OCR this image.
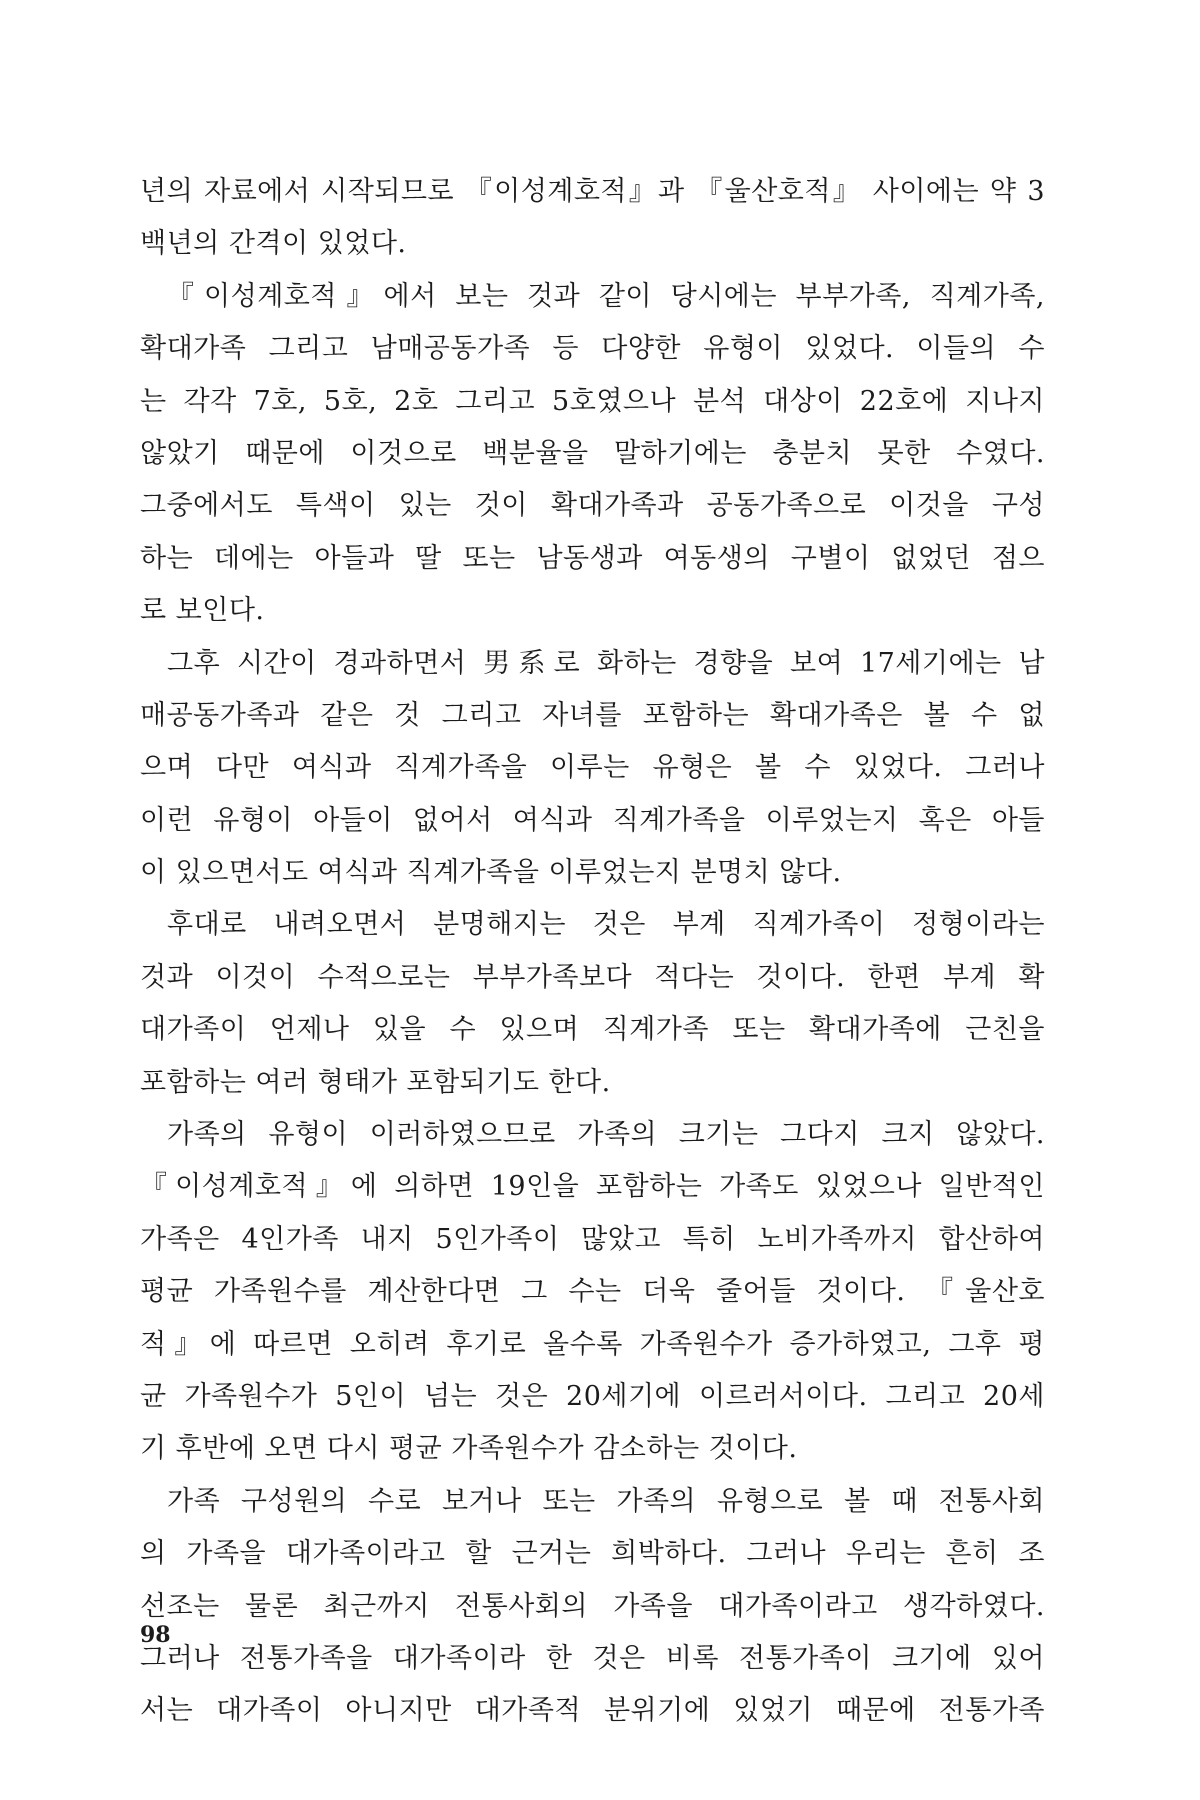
년의 자료에서 시작되므로 『이성계호적』과 『울산호적』 사이에는 약 3
백년의 간격이 있었다.
『이성계호적』에서 보는 것과 같이 당시에는 부부가족, 직계가족,
확대가족 그리고 남매공동가족 등 다양한 유형이 있었다. 이들의 수
는 각각 7호, 5호, 2호 그리고 5호였으나 분석 대상이 22호에 지나지
않았기 때문에 이것으로 백분율을 말하기에는 충분치 못한 수였다.
그중에서도 특색이 있는 것이 확대가족과 공동가족으로 이것을 구성
하는 데에는 아들과 딸 또는 남동생과 여동생의 구별이 없었던 점으
로 보인다.
그후 시간이 경과하면서 男系로 화하는 경향을 보여 17세기에는 남
매공동가족과 같은 것 그리고 자녀를 포함하는 확대가족은 볼 수 없
으며 다만 여식과 직계가족을 이루는 유형은 볼 수 있었다. 그러나
이런 유형이 아들이 없어서 여식과 직계가족을 이루었는지 혹은 아들
이 있으면서도 여식과 직계가족을 이루었는지 분명치 않다.
후대로 내려오면서 분명해지는 것은 부계 직계가족이 정형이라는
것과 이것이 수적으로는 부부가족보다 적다는 것이다. 한편 부계 확
대가족이 언제나 있을 수 있으며 직계가족 또는 확대가족에 근친을
포함하는 여러 형태가 포함되기도 한다.
가족의 유형이 이러하였으므로 가족의 크기는 그다지 크지 않았다.
『이성계호적』에 의하면 19인을 포함하는 가족도 있었으나 일반적인
가족은 4인가족 내지 5인가족이 많았고 특히 노비가족까지 합산하여
평균 가족원수를 계산한다면 그 수는 더욱 줄어들 것이다. 『울산호
적』에 따르면 오히려 후기로 올수록 가족원수가 증가하였고, 그후 평
균 가족원수가 5인이 넘는 것은 20세기에 이르러서이다. 그리고 20세
기 후반에 오면 다시 평균 가족원수가 감소하는 것이다.
가족 구성원의 수로 보거나 또는 가족의 유형으로 볼 때 전통사회
의 가족을 대가족이라고 할 근거는 희박하다. 그러나 우리는 흔히 조
선조는 물론 최근까지 전통사회의 가족을 대가족이라고 생각하였다.
그러나 전통가족을 대가족이라 한 것은 비록 전통가족이 크기에 있어
서는 대가족이 아니지만 대가족적 분위기에 있었기 때문에 전통가족
98
